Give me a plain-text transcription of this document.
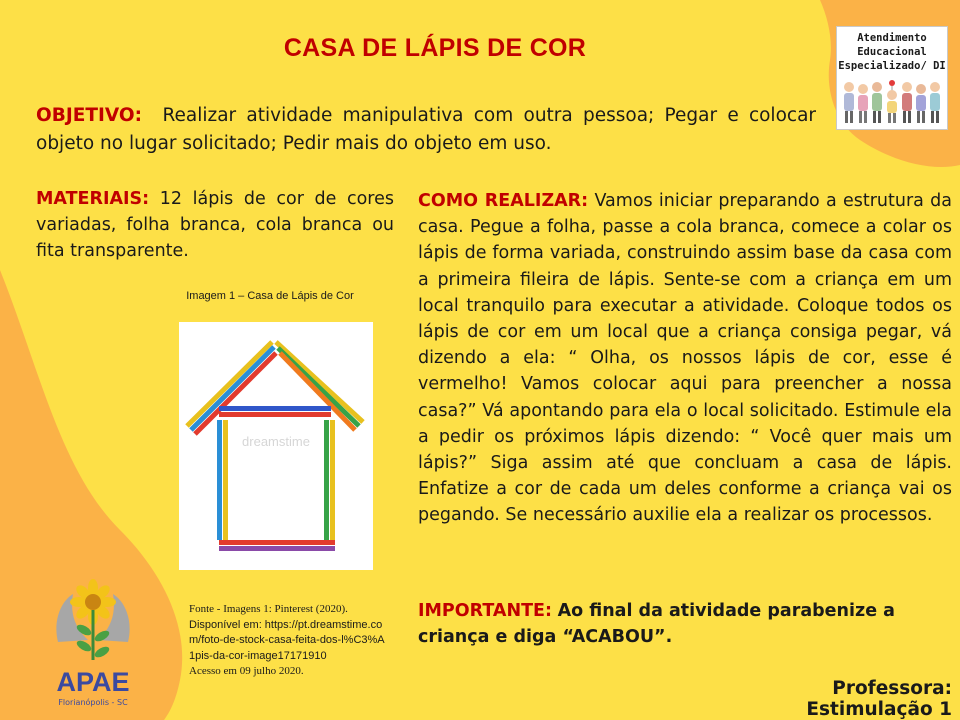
CASA DE LÁPIS DE COR	Atendimento
Educacional
Especializado/ DI
OBJETIVO: Realizar atividade manipulativa com outra pessoa; Pegar e colocar objeto no lugar solicitado; Pedir mais do objeto em uso.
MATERIAIS: 12 lápis de cor de cores variadas, folha branca, cola branca ou fita transparente.
Imagem 1 – Casa de Lápis de Cor
dreamstime
COMO REALIZAR: Vamos iniciar preparando a estrutura da casa. Pegue a folha, passe a cola branca, comece a colar os lápis de forma variada, construindo assim base da casa com a primeira fileira de lápis. Sente-se com a criança em um local tranquilo para executar a atividade. Coloque todos os lápis de cor em um local que a criança consiga pegar, vá dizendo a ela: “ Olha, os nossos lápis de cor, esse é vermelho! Vamos colocar aqui para preencher a nossa casa?” Vá apontando para ela o local solicitado. Estimule ela a pedir os próximos lápis dizendo: “ Você quer mais um lápis?” Siga assim até que concluam a casa de lápis. Enfatize a cor de cada um deles conforme a criança vai os pegando. Se necessário auxilie ela a realizar os processos.
IMPORTANTE: Ao final da atividade parabenize a criança e diga “ACABOU”.
Fonte - Imagens 1: Pinterest (2020).
Disponível em: https://pt.dreamstime.com/foto-de-stock-casa-feita-dos-l%C3%A1pis-da-cor-image17171910
Acesso em 09 julho 2020.
APAE
Florianópolis - SC
Professora: Estimulação 1
